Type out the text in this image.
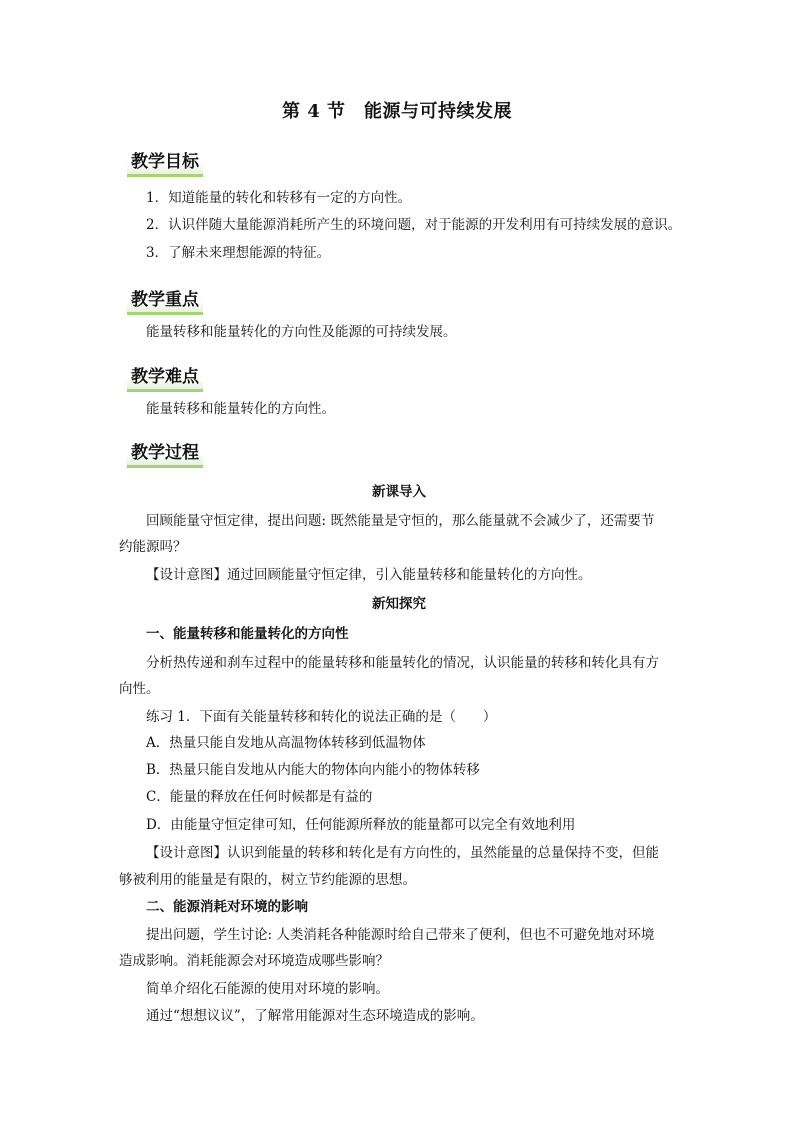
第 4 节　能源与可持续发展
教学目标
1．知道能量的转化和转移有一定的方向性。
2．认识伴随大量能源消耗所产生的环境问题，对于能源的开发利用有可持续发展的意识。
3．了解未来理想能源的特征。
教学重点
能量转移和能量转化的方向性及能源的可持续发展。
教学难点
能量转移和能量转化的方向性。
教学过程
新课导入
回顾能量守恒定律，提出问题: 既然能量是守恒的，那么能量就不会减少了，还需要节
约能源吗？
【设计意图】通过回顾能量守恒定律，引入能量转移和能量转化的方向性。
新知探究
一、能量转移和能量转化的方向性
分析热传递和刹车过程中的能量转移和能量转化的情况，认识能量的转移和转化具有方
向性。
练习 1．下面有关能量转移和转化的说法正确的是（　　）
A．热量只能自发地从高温物体转移到低温物体
B．热量只能自发地从内能大的物体向内能小的物体转移
C．能量的释放在任何时候都是有益的
D．由能量守恒定律可知，任何能源所释放的能量都可以完全有效地利用
【设计意图】认识到能量的转移和转化是有方向性的，虽然能量的总量保持不变，但能
够被利用的能量是有限的，树立节约能源的思想。
二、能源消耗对环境的影响
提出问题，学生讨论: 人类消耗各种能源时给自己带来了便利，但也不可避免地对环境
造成影响。消耗能源会对环境造成哪些影响？
简单介绍化石能源的使用对环境的影响。
通过“想想议议”，了解常用能源对生态环境造成的影响。
